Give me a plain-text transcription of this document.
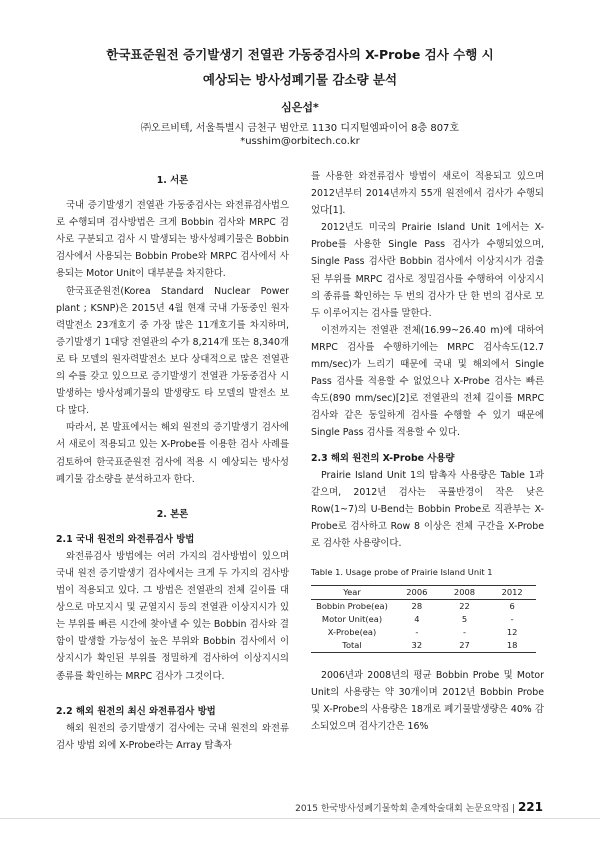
한국표준원전 증기발생기 전열관 가동중검사의 X-Probe 검사 수행 시
예상되는 방사성폐기물 감소량 분석
심은섭*
㈜오르비텍, 서울특별시 금천구 범안로 1130 디지털엠파이어 8층 807호
*usshim@orbitech.co.kr
1. 서론

국내 증기발생기 전열관 가동중검사는 와전류검사법으로 수행되며 검사방법은 크게 Bobbin 검사와 MRPC 검사로 구분되고 검사 시 발생되는 방사성폐기물은 Bobbin 검사에서 사용되는 Bobbin Probe와 MRPC 검사에서 사용되는 Motor Unit이 대부분을 차지한다.

한국표준원전(Korea Standard Nuclear Power plant ; KSNP)은 2015년 4월 현재 국내 가동중인 원자력발전소 23개호기 중 가장 많은 11개호기를 차지하며, 증기발생기 1대당 전열관의 수가 8,214개 또는 8,340개로 타 모델의 원자력발전소 보다 상대적으로 많은 전열관의 수를 갖고 있으므로 증기발생기 전열관 가동중검사 시 발생하는 방사성폐기물의 발생량도 타 모델의 발전소 보다 많다.

따라서, 본 발표에서는 해외 원전의 증기발생기 검사에서 새로이 적용되고 있는 X-Probe를 이용한 검사 사례를 검토하여 한국표준원전 검사에 적용 시 예상되는 방사성폐기물 감소량을 분석하고자 한다.

2. 본론
2.1 국내 원전의 와전류검사 방법

와전류검사 방법에는 여러 가지의 검사방법이 있으며 국내 원전 증기발생기 검사에서는 크게 두 가지의 검사방법이 적용되고 있다. 그 방법은 전열관의 전체 길이를 대상으로 마모지시 및 균열지시 등의 전열관 이상지시가 있는 부위를 빠른 시간에 찾아낼 수 있는 Bobbin 검사와 결함이 발생할 가능성이 높은 부위와 Bobbin 검사에서 이상지시가 확인된 부위를 정밀하게 검사하여 이상지시의 종류를 확인하는 MRPC 검사가 그것이다.

2.2 해외 원전의 최신 와전류검사 방법

해외 원전의 증기발생기 검사에는 국내 원전의 와전류검사 방법 외에 X-Probe라는 Array 탐촉자

를 사용한 와전류검사 방법이 새로이 적용되고 있으며 2012년부터 2014년까지 55개 원전에서 검사가 수행되었다[1].

2012년도 미국의 Prairie Island Unit 1에서는 X-Probe를 사용한 Single Pass 검사가 수행되었으며, Single Pass 검사란 Bobbin 검사에서 이상지시가 검출된 부위를 MRPC 검사로 정밀검사를 수행하여 이상지시의 종류를 확인하는 두 번의 검사가 단 한 번의 검사로 모두 이루어지는 검사를 말한다.

이전까지는 전열관 전체(16.99~26.40 m)에 대하여 MRPC 검사를 수행하기에는 MRPC 검사속도(12.7 mm/sec)가 느리기 때문에 국내 및 해외에서 Single Pass 검사를 적용할 수 없었으나 X-Probe 검사는 빠른 속도(890 mm/sec)[2]로 전열관의 전체 길이를 MRPC 검사와 같은 동일하게 검사를 수행할 수 있기 때문에 Single Pass 검사를 적용할 수 있다.

2.3 해외 원전의 X-Probe 사용량

Prairie Island Unit 1의 탐촉자 사용량은 Table 1과 같으며, 2012년 검사는 곡률반경이 작은 낮은 Row(1~7)의 U-Bend는 Bobbin Probe로 직관부는 X-Probe로 검사하고 Row 8 이상은 전체 구간을 X-Probe로 검사한 사용량이다.

Table 1. Usage probe of Prairie Island Unit 1
Year	2006	2008	2012
Bobbin Probe(ea)	28	22	6
Motor Unit(ea)	4	5	-
X-Probe(ea)	-	-	12
Total	32	27	18

2006년과 2008년의 평균 Bobbin Probe 및 Motor Unit의 사용량는 약 30개이며 2012년 Bobbin Probe 및 X-Probe의 사용량은 18개로 폐기물발생량은 40% 감소되었으며 검사기간은 16%

2015 한국방사성폐기물학회 춘계학술대회 논문요약집 | 221
